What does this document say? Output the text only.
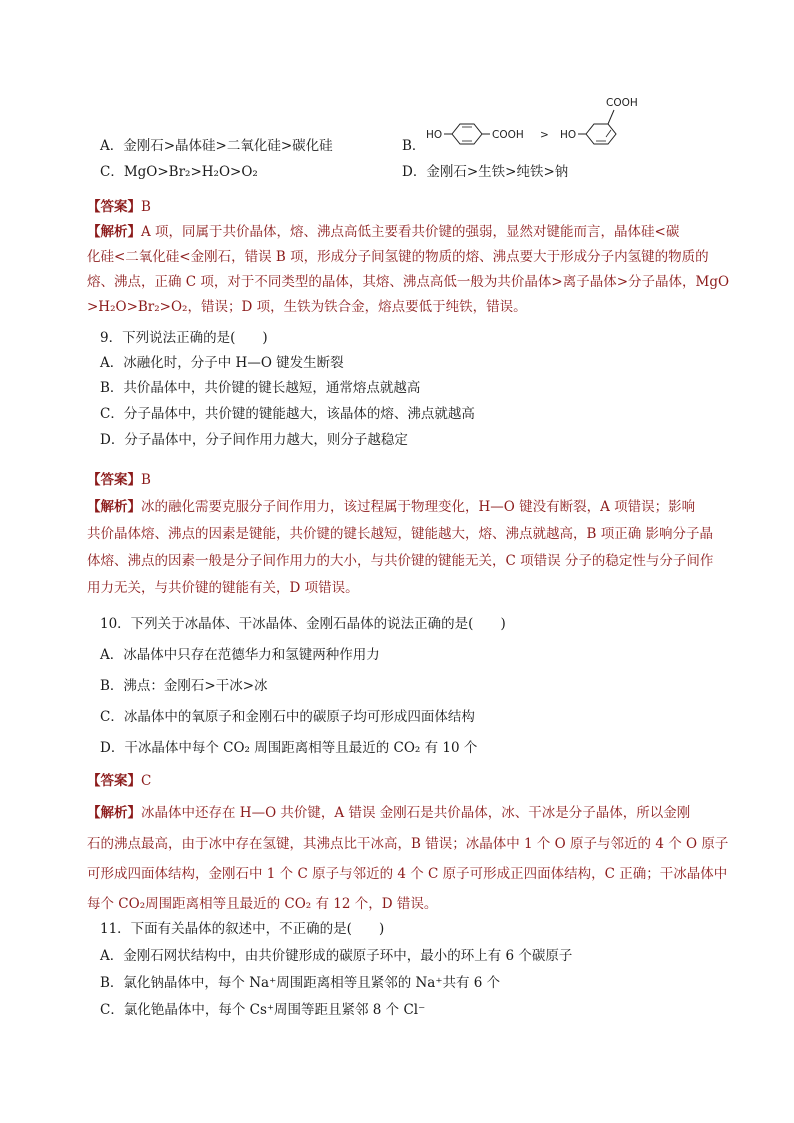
A．金刚石>晶体硅>二氧化硅>碳化硅	B．
HO	COOH > HO
COOH
C．MgO>Br₂>H₂O>O₂	D．金刚石>生铁>纯铁>钠
【答案】B
【解析】A 项，同属于共价晶体，熔、沸点高低主要看共价键的强弱，显然对键能而言，晶体硅<碳
化硅<二氧化硅<金刚石，错误 B 项，形成分子间氢键的物质的熔、沸点要大于形成分子内氢键的物质的
熔、沸点，正确 C 项，对于不同类型的晶体，其熔、沸点高低一般为共价晶体>离子晶体>分子晶体，MgO
>H₂O>Br₂>O₂，错误；D 项，生铁为铁合金，熔点要低于纯铁，错误。
9．下列说法正确的是(　　)
A．冰融化时，分子中 H—O 键发生断裂
B．共价晶体中，共价键的键长越短，通常熔点就越高
C．分子晶体中，共价键的键能越大，该晶体的熔、沸点就越高
D．分子晶体中，分子间作用力越大，则分子越稳定
【答案】B
【解析】冰的融化需要克服分子间作用力，该过程属于物理变化，H—O 键没有断裂，A 项错误；影响
共价晶体熔、沸点的因素是键能，共价键的键长越短，键能越大，熔、沸点就越高，B 项正确 影响分子晶
体熔、沸点的因素一般是分子间作用力的大小，与共价键的键能无关，C 项错误 分子的稳定性与分子间作
用力无关，与共价键的键能有关，D 项错误。
10．下列关于冰晶体、干冰晶体、金刚石晶体的说法正确的是(　　)
A．冰晶体中只存在范德华力和氢键两种作用力
B．沸点：金刚石>干冰>冰
C．冰晶体中的氧原子和金刚石中的碳原子均可形成四面体结构
D．干冰晶体中每个 CO₂ 周围距离相等且最近的 CO₂ 有 10 个
【答案】C
【解析】冰晶体中还存在 H—O 共价键，A 错误 金刚石是共价晶体，冰、干冰是分子晶体，所以金刚
石的沸点最高，由于冰中存在氢键，其沸点比干冰高，B 错误；冰晶体中 1 个 O 原子与邻近的 4 个 O 原子
可形成四面体结构，金刚石中 1 个 C 原子与邻近的 4 个 C 原子可形成正四面体结构，C 正确；干冰晶体中
每个 CO₂周围距离相等且最近的 CO₂ 有 12 个，D 错误。
11．下面有关晶体的叙述中，不正确的是(　　)
A．金刚石网状结构中，由共价键形成的碳原子环中，最小的环上有 6 个碳原子
B．氯化钠晶体中，每个 Na⁺周围距离相等且紧邻的 Na⁺共有 6 个
C．氯化铯晶体中，每个 Cs⁺周围等距且紧邻 8 个 Cl⁻
